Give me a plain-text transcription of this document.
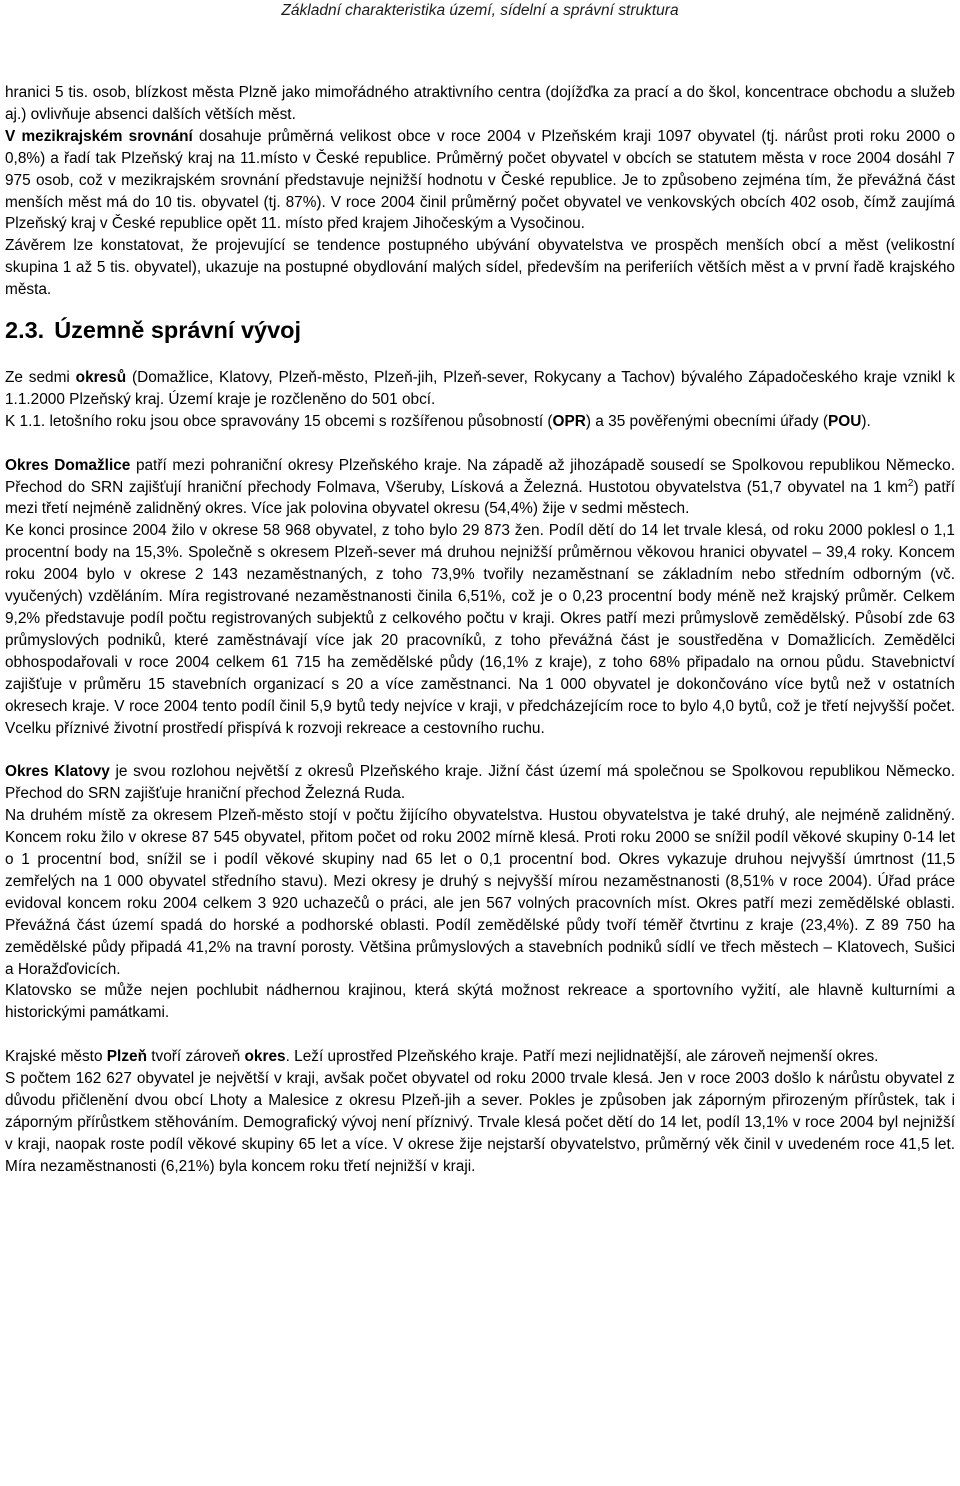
Základní charakteristika území, sídelní a správní struktura

hranici 5 tis. osob, blízkost města Plzně jako mimořádného atraktivního centra (dojížďka za prací a do škol, koncentrace obchodu a služeb aj.) ovlivňuje absenci dalších větších měst.

V mezikrajském srovnání dosahuje průměrná velikost obce v roce 2004 v Plzeňském kraji 1097 obyvatel (tj. nárůst proti roku 2000 o 0,8%) a řadí tak Plzeňský kraj na 11.místo v České republice. Průměrný počet obyvatel v obcích se statutem města v roce 2004 dosáhl 7 975 osob, což v mezikrajském srovnání představuje nejnižší hodnotu v České republice. Je to způsobeno zejména tím, že převážná část menších měst má do 10 tis. obyvatel (tj. 87%). V roce 2004 činil průměrný počet obyvatel ve venkovských obcích 402 osob, čímž zaujímá Plzeňský kraj v České republice opět 11. místo před krajem Jihočeským a Vysočinou.

Závěrem lze konstatovat, že projevující se tendence postupného ubývání obyvatelstva ve prospěch menších obcí a měst (velikostní skupina 1 až 5 tis. obyvatel), ukazuje na postupné obydlování malých sídel, především na periferiích větších měst a v první řadě krajského města.

2.3. Územně správní vývoj

Ze sedmi okresů (Domažlice, Klatovy, Plzeň-město, Plzeň-jih, Plzeň-sever, Rokycany a Tachov) bývalého Západočeského kraje vznikl k 1.1.2000 Plzeňský kraj. Území kraje je rozčleněno do 501 obcí.

K 1.1. letošního roku jsou obce spravovány 15 obcemi s rozšířenou působností (OPR) a 35 pověřenými obecními úřady (POU).

Okres Domažlice patří mezi pohraniční okresy Plzeňského kraje. Na západě až jihozápadě sousedí se Spolkovou republikou Německo. Přechod do SRN zajišťují hraniční přechody Folmava, Všeruby, Lísková a Železná. Hustotou obyvatelstva (51,7 obyvatel na 1 $km^2$) patří mezi třetí nejméně zalidněný okres. Více jak polovina obyvatel okresu (54,4%) žije v sedmi městech.

Ke konci prosince 2004 žilo v okrese 58 968 obyvatel, z toho bylo 29 873 žen. Podíl dětí do 14 let trvale klesá, od roku 2000 poklesl o 1,1 procentní body na 15,3%. Společně s okresem Plzeň-sever má druhou nejnižší průměrnou věkovou hranici obyvatel – 39,4 roky. Koncem roku 2004 bylo v okrese 2 143 nezaměstnaných, z toho 73,9% tvořily nezaměstnaní se základním nebo středním odborným (vč. vyučených) vzděláním. Míra registrované nezaměstnanosti činila 6,51%, což je o 0,23 procentní body méně než krajský průměr. Celkem 9,2% představuje podíl počtu registrovaných subjektů z celkového počtu v kraji. Okres patří mezi průmyslově zemědělský. Působí zde 63 průmyslových podniků, které zaměstnávají více jak 20 pracovníků, z toho převážná část je soustředěna v Domažlicích. Zemědělci obhospodařovali v roce 2004 celkem 61 715 ha zemědělské půdy (16,1% z kraje), z toho 68% připadalo na ornou půdu. Stavebnictví zajišťuje v průměru 15 stavebních organizací s 20 a více zaměstnanci. Na 1 000 obyvatel je dokončováno více bytů než v ostatních okresech kraje. V roce 2004 tento podíl činil 5,9 bytů tedy nejvíce v kraji, v předcházejícím roce to bylo 4,0 bytů, což je třetí nejvyšší počet. Vcelku příznivé životní prostředí přispívá k rozvoji rekreace a cestovního ruchu.

Okres Klatovy je svou rozlohou největší z okresů Plzeňského kraje. Jižní část území má společnou se Spolkovou republikou Německo. Přechod do SRN zajišťuje hraniční přechod Železná Ruda.

Na druhém místě za okresem Plzeň-město stojí v počtu žijícího obyvatelstva. Hustou obyvatelstva je také druhý, ale nejméně zalidněný. Koncem roku žilo v okrese 87 545 obyvatel, přitom počet od roku 2002 mírně klesá. Proti roku 2000 se snížil podíl věkové skupiny 0-14 let o 1 procentní bod, snížil se i podíl věkové skupiny nad 65 let o 0,1 procentní bod. Okres vykazuje druhou nejvyšší úmrtnost (11,5 zemřelých na 1 000 obyvatel středního stavu). Mezi okresy je druhý s nejvyšší mírou nezaměstnanosti (8,51% v roce 2004). Úřad práce evidoval koncem roku 2004 celkem 3 920 uchazečů o práci, ale jen 567 volných pracovních míst. Okres patří mezi zemědělské oblasti. Převážná část území spadá do horské a podhorské oblasti. Podíl zemědělské půdy tvoří téměř čtvrtinu z kraje (23,4%). Z 89 750 ha zemědělské půdy připadá 41,2% na travní porosty. Většina průmyslových a stavebních podniků sídlí ve třech městech – Klatovech, Sušici a Horažďovicích.

Klatovsko se může nejen pochlubit nádhernou krajinou, která skýtá možnost rekreace a sportovního vyžití, ale hlavně kulturními a historickými památkami.

Krajské město Plzeň tvoří zároveň okres. Leží uprostřed Plzeňského kraje. Patří mezi nejlidnatější, ale zároveň nejmenší okres.

S počtem 162 627 obyvatel je největší v kraji, avšak počet obyvatel od roku 2000 trvale klesá. Jen v roce 2003 došlo k nárůstu obyvatel z důvodu přičlenění dvou obcí Lhoty a Malesice z okresu Plzeň-jih a sever. Pokles je způsoben jak záporným přirozeným přírůstek, tak i záporným přírůstkem stěhováním. Demografický vývoj není příznivý. Trvale klesá počet dětí do 14 let, podíl 13,1% v roce 2004 byl nejnižší v kraji, naopak roste podíl věkové skupiny 65 let a více. V okrese žije nejstarší obyvatelstvo, průměrný věk činil v uvedeném roce 41,5 let. Míra nezaměstnanosti (6,21%) byla koncem roku třetí nejnižší v kraji.
